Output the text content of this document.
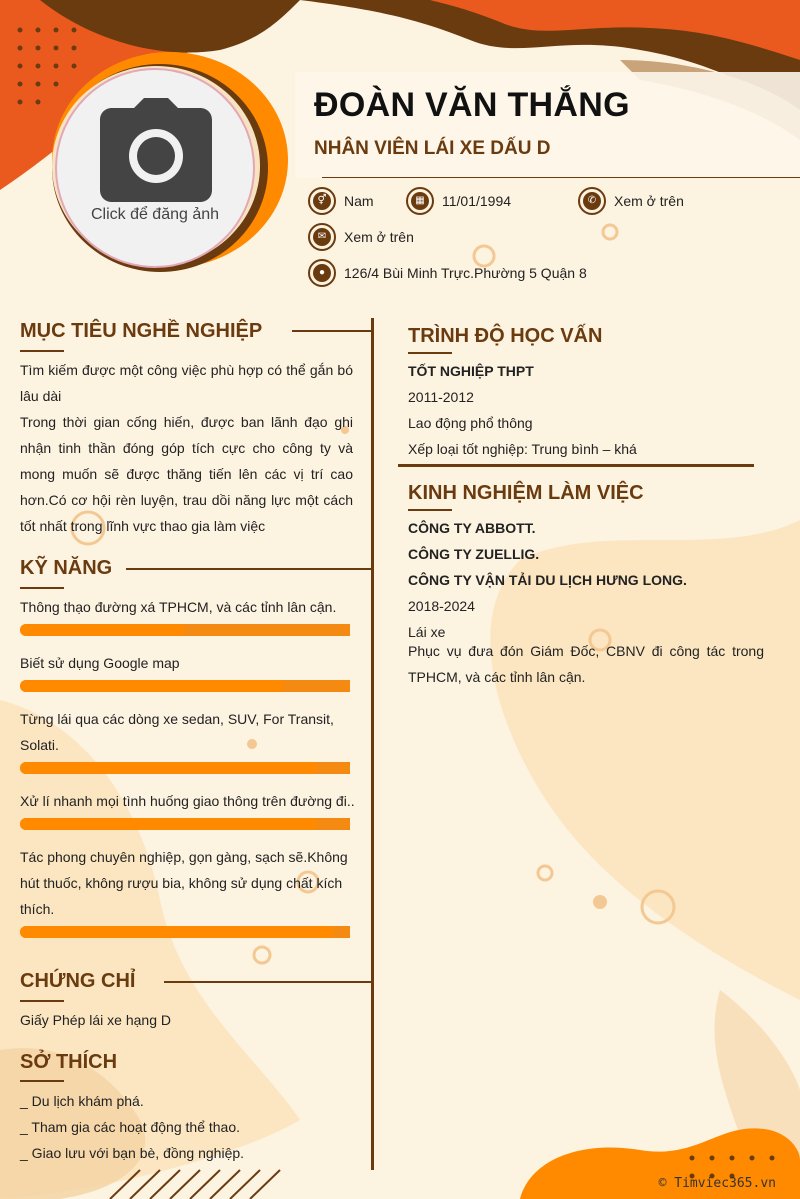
Click để đăng ảnh
ĐOÀN VĂN THẮNG
NHÂN VIÊN LÁI XE DẤU D
⚥	Nam	▦	11/01/1994	✆	Xem ở trên
✉	Xem ở trên
●	126/4 Bùi Minh Trực.Phường 5 Quận 8
MỤC TIÊU NGHỀ NGHIỆP

Tìm kiếm được một công việc phù hợp có thể gắn bó lâu dài

Trong thời gian cống hiến, được ban lãnh đạo ghi nhận tinh thần đóng góp tích cực cho công ty và mong muốn sẽ được thăng tiến lên các vị trí cao hơn.Có cơ hội rèn luyện, trau dồi năng lực một cách tốt nhất trong lĩnh vực thao gia làm việc

KỸ NĂNG
Thông thạo đường xá TPHCM, và các tỉnh lân cận.
Biết sử dụng Google map
Từng lái qua các dòng xe sedan, SUV, For Transit, Solati.
Xử lí nhanh mọi tình huống giao thông trên đường đi..
Tác phong chuyên nghiệp, gọn gàng, sạch sẽ.Không hút thuốc, không rượu bia, không sử dụng chất kích thích.
CHỨNG CHỈ
Giấy Phép lái xe hạng D
SỞ THÍCH
_ Du lịch khám phá.
_ Tham gia các hoạt động thể thao.
_ Giao lưu với bạn bè, đồng nghiệp.
TRÌNH ĐỘ HỌC VẤN
TỐT NGHIỆP THPT
2011-2012
Lao động phổ thông
Xếp loại tốt nghiệp: Trung bình – khá
KINH NGHIỆM LÀM VIỆC
CÔNG TY ABBOTT.
CÔNG TY ZUELLIG.
CÔNG TY VẬN TẢI DU LỊCH HƯNG LONG.
2018-2024
Lái xe
Phục vụ đưa đón Giám Đốc, CBNV đi công tác trong TPHCM, và các tỉnh lân cận.
© Timviec365.vn
